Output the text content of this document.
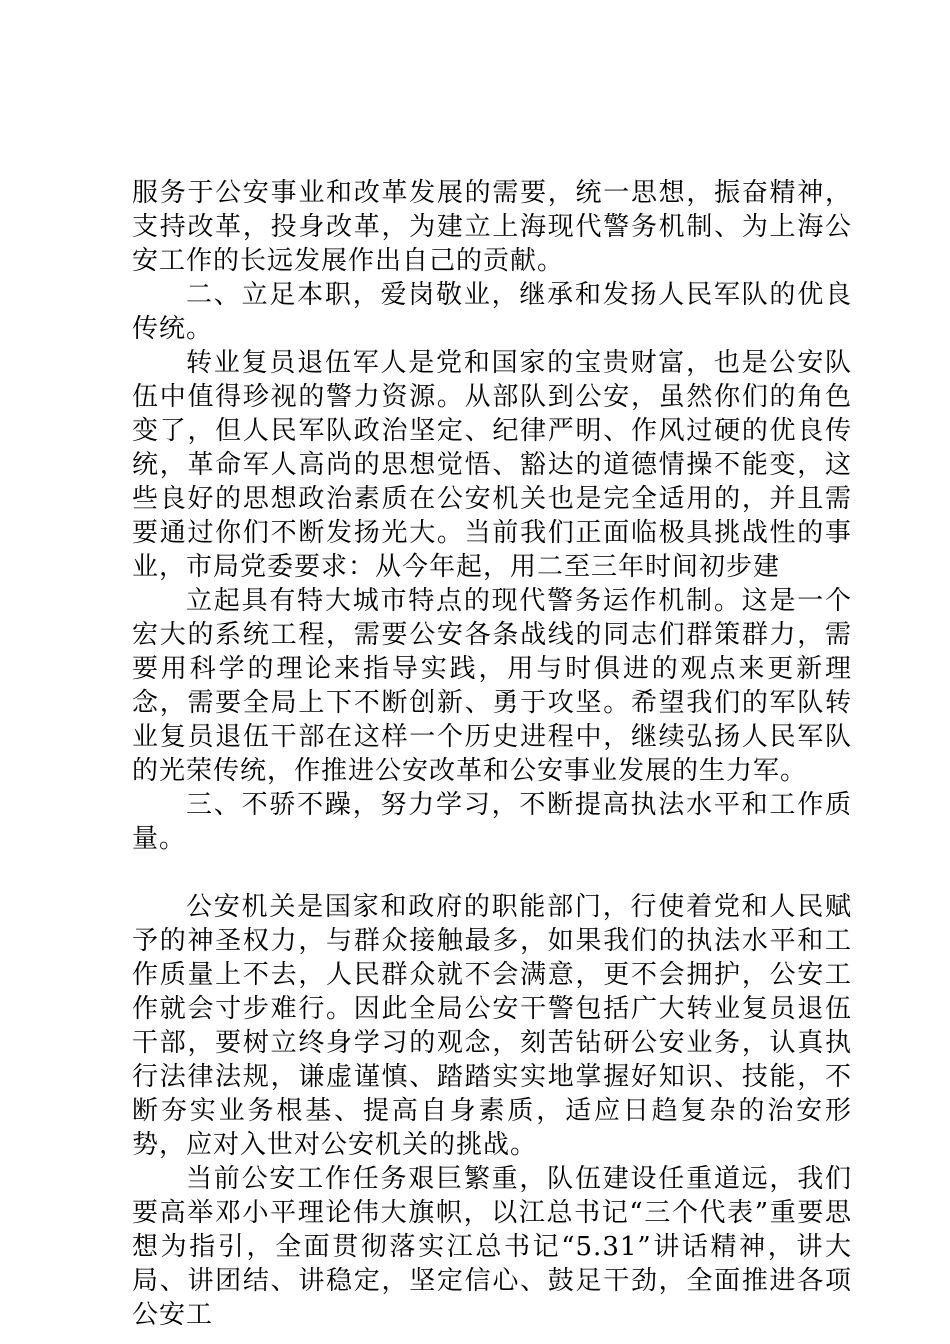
服务于公安事业和改革发展的需要，统一思想，振奋精神，支持改革，投身改革，为建立上海现代警务机制、为上海公安工作的长远发展作出自己的贡献。

二、立足本职，爱岗敬业，继承和发扬人民军队的优良传统。

转业复员退伍军人是党和国家的宝贵财富，也是公安队伍中值得珍视的警力资源。从部队到公安，虽然你们的角色变了，但人民军队政治坚定、纪律严明、作风过硬的优良传统，革命军人高尚的思想觉悟、豁达的道德情操不能变，这些良好的思想政治素质在公安机关也是完全适用的，并且需要通过你们不断发扬光大。当前我们正面临极具挑战性的事业，市局党委要求：从今年起，用二至三年时间初步建

立起具有特大城市特点的现代警务运作机制。这是一个宏大的系统工程，需要公安各条战线的同志们群策群力，需要用科学的理论来指导实践，用与时俱进的观点来更新理念，需要全局上下不断创新、勇于攻坚。希望我们的军队转业复员退伍干部在这样一个历史进程中，继续弘扬人民军队的光荣传统，作推进公安改革和公安事业发展的生力军。

三、不骄不躁，努力学习，不断提高执法水平和工作质量。

公安机关是国家和政府的职能部门，行使着党和人民赋予的神圣权力，与群众接触最多，如果我们的执法水平和工作质量上不去，人民群众就不会满意，更不会拥护，公安工作就会寸步难行。因此全局公安干警包括广大转业复员退伍干部，要树立终身学习的观念，刻苦钻研公安业务，认真执行法律法规，谦虚谨慎、踏踏实实地掌握好知识、技能，不断夯实业务根基、提高自身素质，适应日趋复杂的治安形势，应对入世对公安机关的挑战。

当前公安工作任务艰巨繁重，队伍建设任重道远，我们要高举邓小平理论伟大旗帜，以江总书记“三个代表”重要思想为指引，全面贯彻落实江总书记“5.31”讲话精神，讲大局、讲团结、讲稳定，坚定信心、鼓足干劲，全面推进各项公安工
